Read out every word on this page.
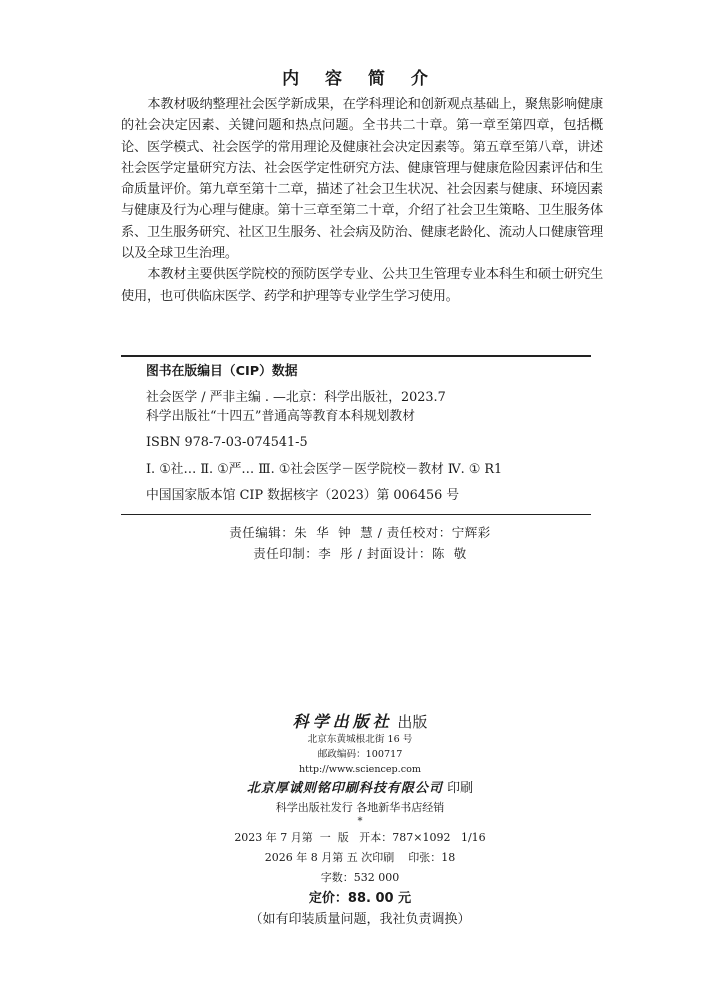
内 容 简 介

本教材吸纳整理社会医学新成果，在学科理论和创新观点基础上，聚焦影响健康的社会决定因素、关键问题和热点问题。全书共二十章。第一章至第四章，包括概论、医学模式、社会医学的常用理论及健康社会决定因素等。第五章至第八章，讲述社会医学定量研究方法、社会医学定性研究方法、健康管理与健康危险因素评估和生命质量评价。第九章至第十二章，描述了社会卫生状况、社会因素与健康、环境因素与健康及行为心理与健康。第十三章至第二十章，介绍了社会卫生策略、卫生服务体系、卫生服务研究、社区卫生服务、社会病及防治、健康老龄化、流动人口健康管理以及全球卫生治理。

本教材主要供医学院校的预防医学专业、公共卫生管理专业本科生和硕士研究生使用，也可供临床医学、药学和护理等专业学生学习使用。

图书在版编目（CIP）数据
社会医学 / 严非主编 . —北京：科学出版社，2023.7
科学出版社“十四五”普通高等教育本科规划教材
ISBN 978-7-03-074541-5
Ⅰ. ①社… Ⅱ. ①严… Ⅲ. ①社会医学－医学院校－教材 Ⅳ. ① R1
中国国家版本馆 CIP 数据核字（2023）第 006456 号
责任编辑：朱  华  钟  慧 / 责任校对：宁辉彩
责任印制：李  彤 / 封面设计：陈  敬
科学出版社 出版
北京东黄城根北街 16 号
邮政编码：100717
http://www.sciencep.com
北京厚诚则铭印刷科技有限公司 印刷
科学出版社发行 各地新华书店经销
*
2023 年 7 月第  一  版   开本：787×1092   1/16
2026 年 8 月第 五 次印刷    印张：18
字数：532 000
定价：88. 00 元
（如有印装质量问题，我社负责调换）
